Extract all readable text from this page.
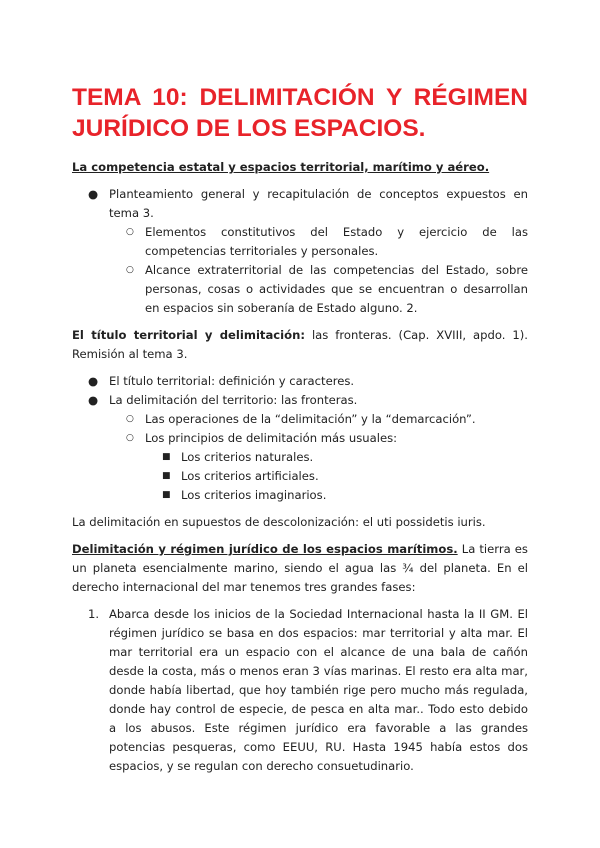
TEMA 10: DELIMITACIÓN Y RÉGIMEN JURÍDICO DE LOS ESPACIOS.

La competencia estatal y espacios territorial, marítimo y aéreo.

● Planteamiento general y recapitulación de conceptos expuestos en tema 3.
○ Elementos constitutivos del Estado y ejercicio de las competencias territoriales y personales.
○ Alcance extraterritorial de las competencias del Estado, sobre personas, cosas o actividades que se encuentran o desarrollan en espacios sin soberanía de Estado alguno. 2.

El título territorial y delimitación: las fronteras. (Cap. XVIII, apdo. 1). Remisión al tema 3.

● El título territorial: definición y caracteres.
● La delimitación del territorio: las fronteras.
○ Las operaciones de la “delimitación” y la “demarcación”.
○ Los principios de delimitación más usuales:
■ Los criterios naturales.
■ Los criterios artificiales.
■ Los criterios imaginarios.

La delimitación en supuestos de descolonización: el uti possidetis iuris.

Delimitación y régimen jurídico de los espacios marítimos. La tierra es un planeta esencialmente marino, siendo el agua las ¾ del planeta. En el derecho internacional del mar tenemos tres grandes fases:

1. Abarca desde los inicios de la Sociedad Internacional hasta la II GM. El régimen jurídico se basa en dos espacios: mar territorial y alta mar. El mar territorial era un espacio con el alcance de una bala de cañón desde la costa, más o menos eran 3 vías marinas. El resto era alta mar, donde había libertad, que hoy también rige pero mucho más regulada, donde hay control de especie, de pesca en alta mar.. Todo esto debido a los abusos. Este régimen jurídico era favorable a las grandes potencias pesqueras, como EEUU, RU. Hasta 1945 había estos dos espacios, y se regulan con derecho consuetudinario.
